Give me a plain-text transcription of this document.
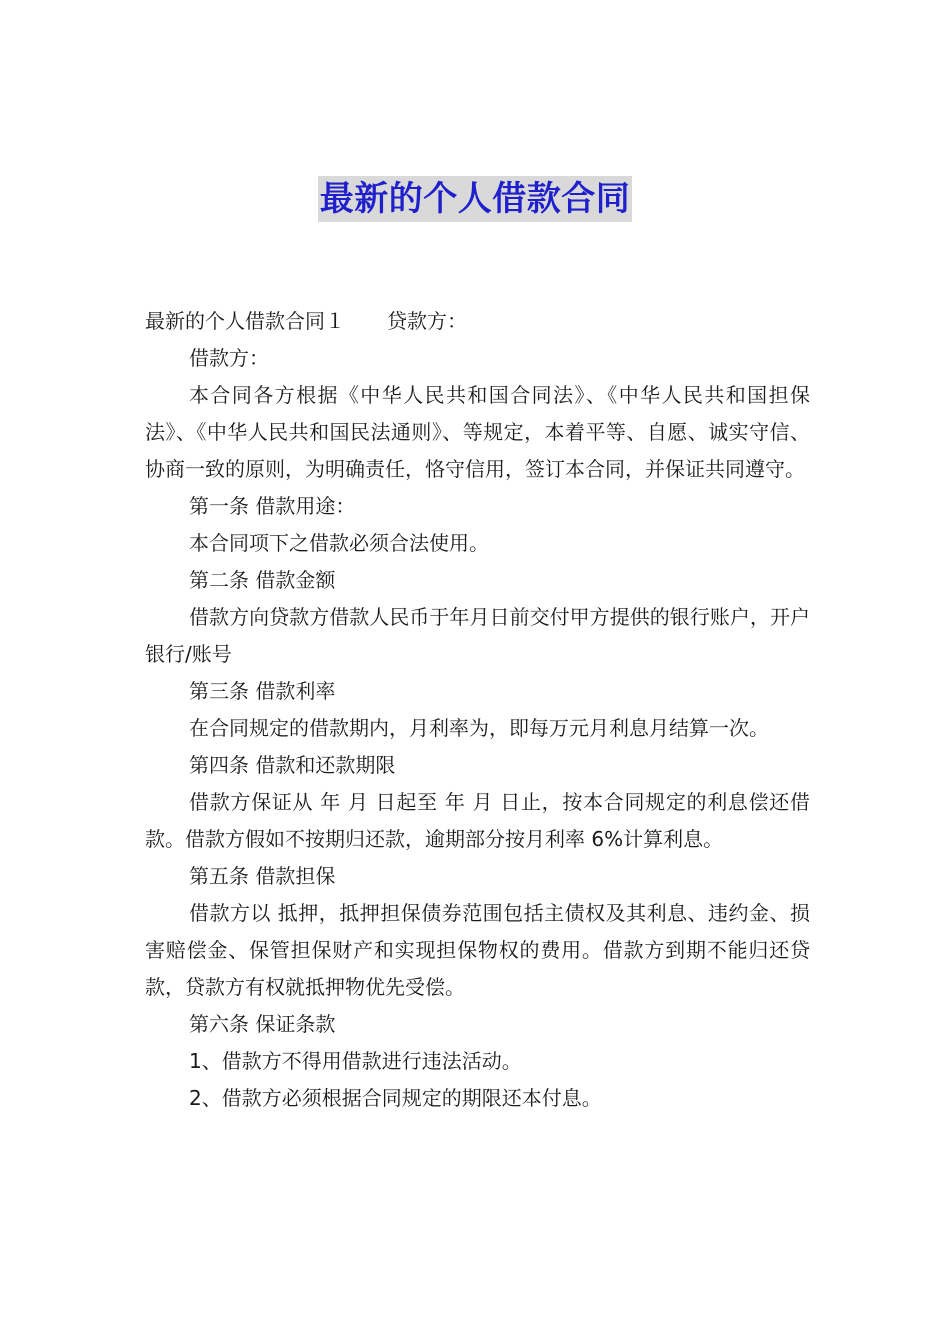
最新的个人借款合同

最新的个人借款合同１ 贷款方：

借款方：

本合同各方根据《中华人民共和国合同法》、《中华人民共和国担保法》、《中华人民共和国民法通则》、等规定，本着平等、自愿、诚实守信、协商一致的原则，为明确责任，恪守信用，签订本合同，并保证共同遵守。

第一条 借款用途：

本合同项下之借款必须合法使用。

第二条 借款金额

借款方向贷款方借款人民币于年月日前交付甲方提供的银行账户，开户银行/账号

第三条 借款利率

在合同规定的借款期内，月利率为，即每万元月利息月结算一次。

第四条 借款和还款期限

借款方保证从 年 月 日起至 年 月 日止，按本合同规定的利息偿还借款。借款方假如不按期归还款，逾期部分按月利率 6%计算利息。

第五条 借款担保

借款方以 抵押，抵押担保债券范围包括主债权及其利息、违约金、损害赔偿金、保管担保财产和实现担保物权的费用。借款方到期不能归还贷款，贷款方有权就抵押物优先受偿。

第六条 保证条款

1、借款方不得用借款进行违法活动。

2、借款方必须根据合同规定的期限还本付息。
